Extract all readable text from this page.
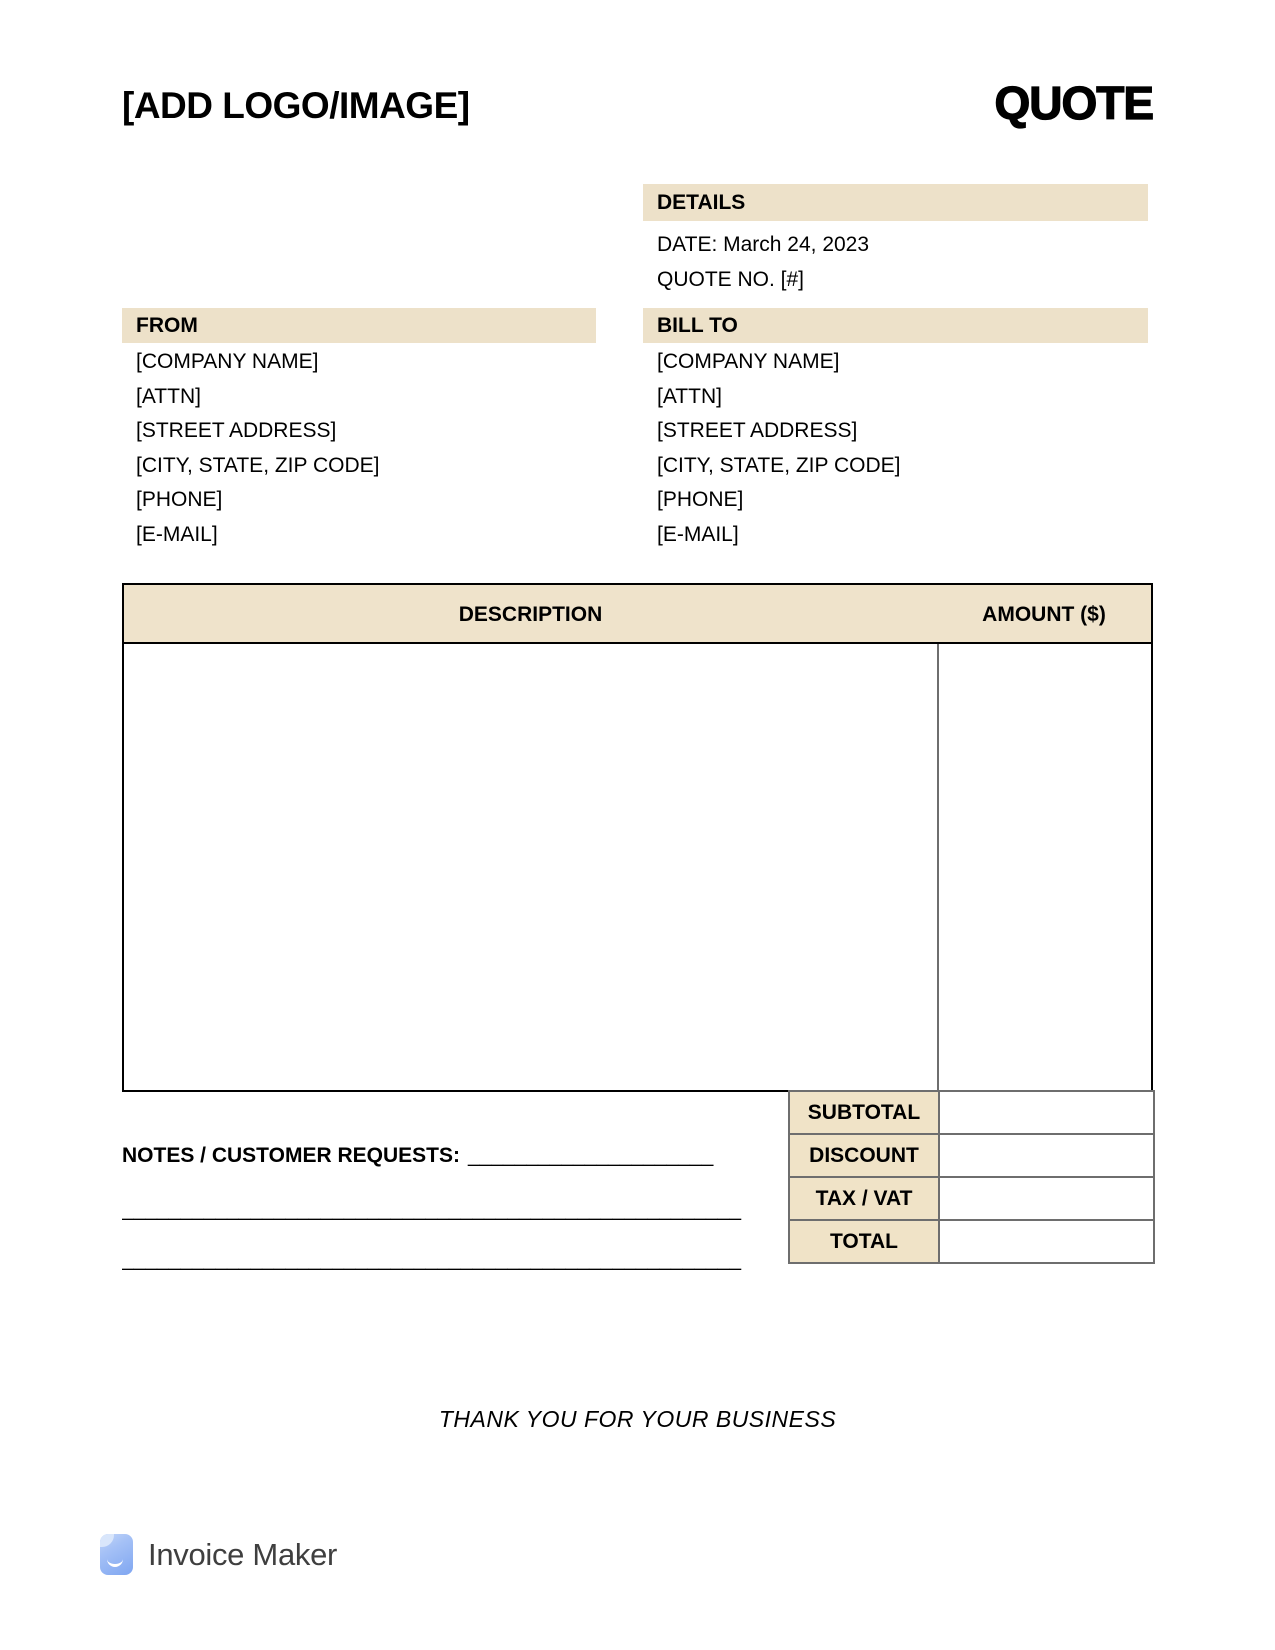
[ADD LOGO/IMAGE]	QUOTE
DETAILS
DATE: March 24, 2023
QUOTE NO. [#]
FROM
[COMPANY NAME]
[ATTN]
[STREET ADDRESS]
[CITY, STATE, ZIP CODE]
[PHONE]
[E-MAIL]
BILL TO
[COMPANY NAME]
[ATTN]
[STREET ADDRESS]
[CITY, STATE, ZIP CODE]
[PHONE]
[E-MAIL]
DESCRIPTION	AMOUNT ($)
SUBTOTAL	
DISCOUNT	
TAX / VAT	
TOTAL	
NOTES / CUSTOMER REQUESTS: _____________________
_____________________________________________________
_____________________________________________________
THANK YOU FOR YOUR BUSINESS
Invoice Maker
